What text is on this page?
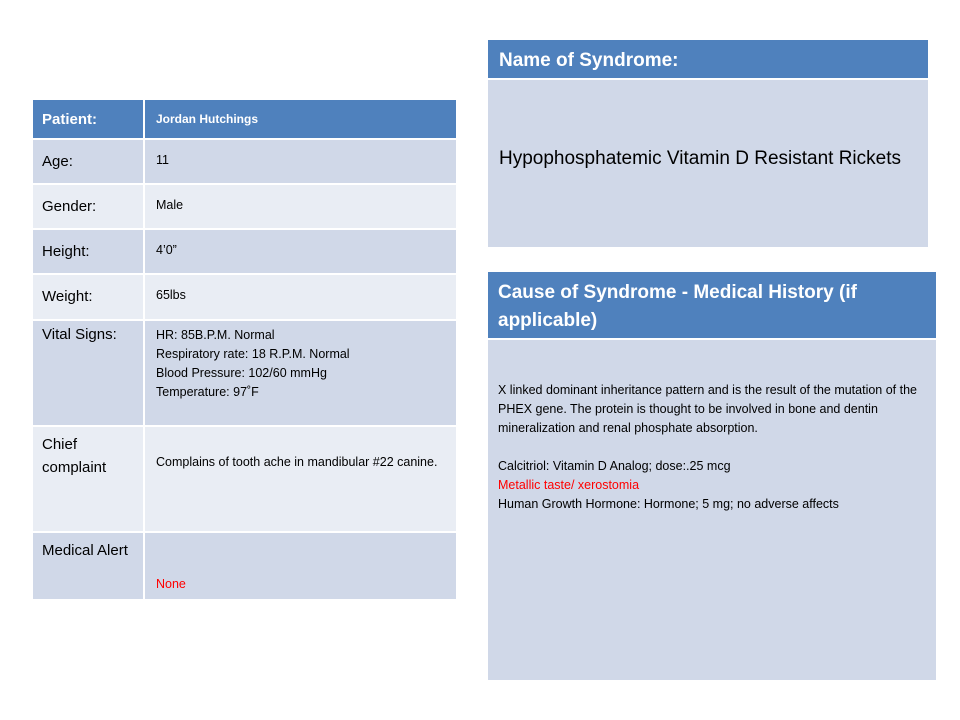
Patient:	Jordan Hutchings

Age:	11

Gender:	Male

Height:	4’0”

Weight:	65lbs

Vital Signs:	HR: 85B.P.M. Normal
Respiratory rate: 18 R.P.M. Normal
Blood Pressure: 102/60 mmHg
Temperature: 97˚F

Chief complaint	Complains of tooth ache in mandibular #22 canine.

Medical Alert	None
Name of Syndrome:
Hypophosphatemic Vitamin D Resistant Rickets
Cause of Syndrome - Medical History (if applicable)

X linked dominant inheritance pattern and is the result of the mutation of the PHEX gene. The protein is thought to be involved in bone and dentin mineralization and renal phosphate absorption.

Calcitriol: Vitamin D Analog; dose:.25 mcg

Metallic taste/ xerostomia

Human Growth Hormone: Hormone; 5 mg; no adverse affects
